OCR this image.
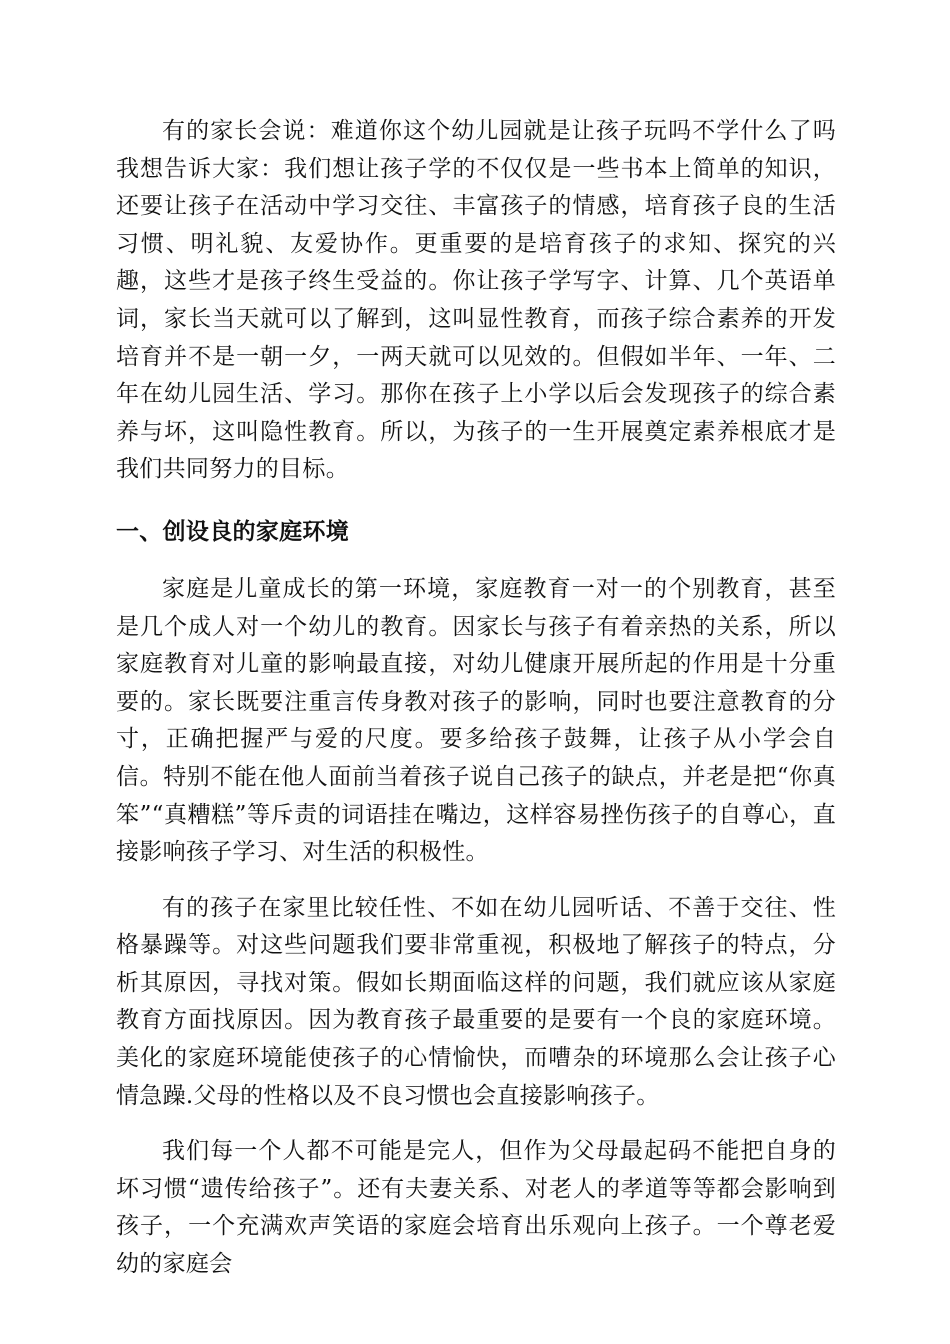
有的家长会说：难道你这个幼儿园就是让孩子玩吗不学什么了吗我想告诉大家：我们想让孩子学的不仅仅是一些书本上简单的知识，还要让孩子在活动中学习交往、丰富孩子的情感，培育孩子良的生活习惯、明礼貌、友爱协作。更重要的是培育孩子的求知、探究的兴趣，这些才是孩子终生受益的。你让孩子学写字、计算、几个英语单词，家长当天就可以了解到，这叫显性教育，而孩子综合素养的开发培育并不是一朝一夕，一两天就可以见效的。但假如半年、一年、二年在幼儿园生活、学习。那你在孩子上小学以后会发现孩子的综合素养与坏，这叫隐性教育。所以，为孩子的一生开展奠定素养根底才是我们共同努力的目标。

一、创设良的家庭环境

家庭是儿童成长的第一环境，家庭教育一对一的个别教育，甚至是几个成人对一个幼儿的教育。因家长与孩子有着亲热的关系，所以家庭教育对儿童的影响最直接，对幼儿健康开展所起的作用是十分重要的。家长既要注重言传身教对孩子的影响，同时也要注意教育的分寸，正确把握严与爱的尺度。要多给孩子鼓舞，让孩子从小学会自信。特别不能在他人面前当着孩子说自己孩子的缺点，并老是把“你真笨”“真糟糕”等斥责的词语挂在嘴边，这样容易挫伤孩子的自尊心，直接影响孩子学习、对生活的积极性。

有的孩子在家里比较任性、不如在幼儿园听话、不善于交往、性格暴躁等。对这些问题我们要非常重视，积极地了解孩子的特点，分析其原因，寻找对策。假如长期面临这样的问题，我们就应该从家庭教育方面找原因。因为教育孩子最重要的是要有一个良的家庭环境。美化的家庭环境能使孩子的心情愉快，而嘈杂的环境那么会让孩子心情急躁.父母的性格以及不良习惯也会直接影响孩子。

我们每一个人都不可能是完人，但作为父母最起码不能把自身的坏习惯“遗传给孩子”。还有夫妻关系、对老人的孝道等等都会影响到孩子，一个充满欢声笑语的家庭会培育出乐观向上孩子。一个尊老爱幼的家庭会
